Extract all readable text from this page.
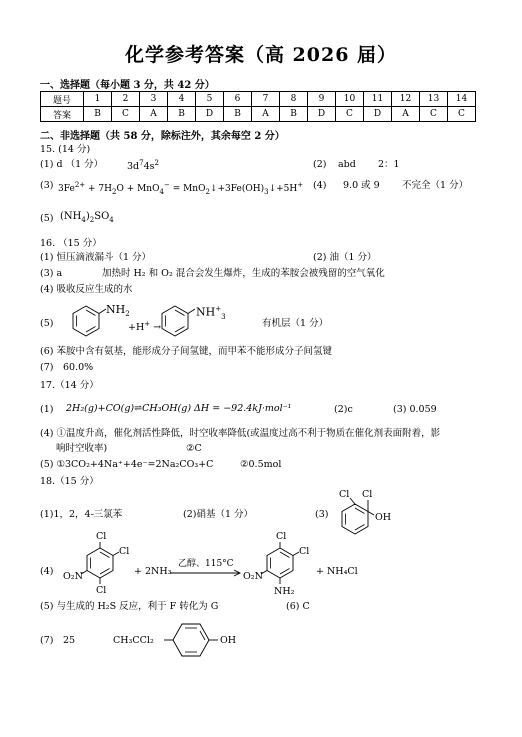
化学参考答案（高 2026 届）
一、选择题（每小题 3 分，共 42 分）
题号	1	2	3	4	5	6	7	8	9	10	11	12	13	14
答案	B	C	A	B	D	B	A	B	D	C	D	A	C	C
二、非选择题（共 58 分，除标注外，其余每空 2 分）
15. (14 分)
(1) d （1 分）	$3d^74s^2$	(2) abd 2：1
(3) $3Fe^{2+} + 7H_2O + MnO_4^-$ = $MnO_2↓+3Fe(OH)_3↓+5H^+$ (4) 9.0 或 9 不完全（1 分）
(5) $(NH_4)_2SO_4$
16. （15 分）
(1) 恒压滴液漏斗（1 分）	(2) 油（1 分）
(3) a	加热时 H₂ 和 O₂ 混合会发生爆炸，生成的苯胺会被残留的空气氧化
(4) 吸收反应生成的水
(5)
$NH_2$
+H+ →
$NH^+_3$
有机层（1 分）
(6) 苯胺中含有氨基，能形成分子间氢键，而甲苯不能形成分子间氢键
(7)　60.0%
17.（14 分）
(1) 2H₂(g)+CO(g)⇌CH₃OH(g) ΔH = −92.4kJ·mol⁻¹	(2)c	(3) 0.059
(4) ①温度升高，催化剂活性降低，时空收率降低(或温度过高不利于物质在催化剂表面附着，影
响时空收率)	②C
(5) ①3CO₂+4Na⁺+4e⁻=2Na₂CO₃+C	②0.5mol
18.（15 分）
(1)1，2，4-三氯苯	(2)硝基（1 分）	(3)
Cl Cl
OH
(4)
Cl
Cl
Cl
O₂N	+ 2NH₃
乙醇、115°C
Cl
Cl
O₂N
NH₂
+ NH₄Cl
(5) 与生成的 H₂S 反应，利于 F 转化为 G	(6) C
(7)　25	CH₃CCl₂	OH
